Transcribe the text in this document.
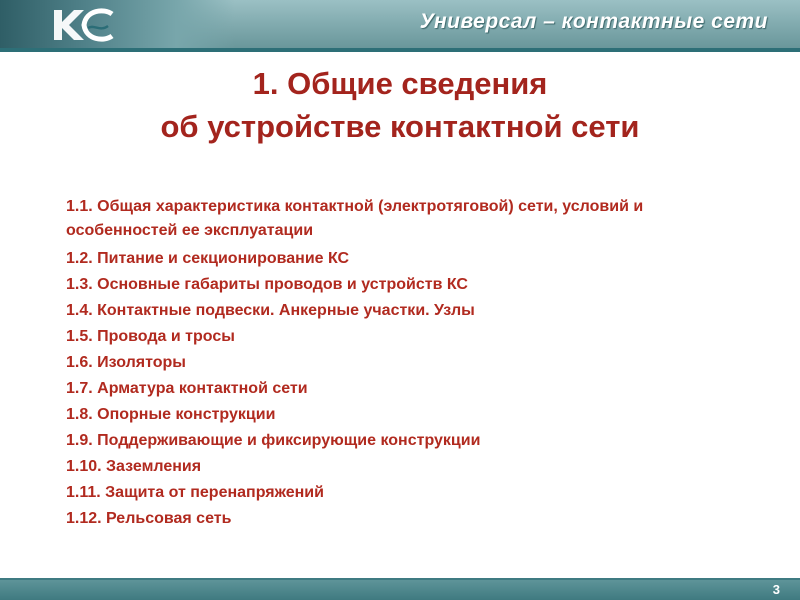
Универсал – контактные сети
1. Общие сведения
об устройстве контактной сети
1.1. Общая характеристика контактной (электротяговой) сети, условий и особенностей ее эксплуатации
1.2. Питание и секционирование КС
1.3. Основные габариты проводов и устройств КС
1.4. Контактные подвески. Анкерные участки. Узлы
1.5. Провода и тросы
1.6. Изоляторы
1.7. Арматура контактной сети
1.8. Опорные конструкции
1.9. Поддерживающие и фиксирующие конструкции
1.10. Заземления
1.11. Защита от перенапряжений
1.12. Рельсовая сеть
3
